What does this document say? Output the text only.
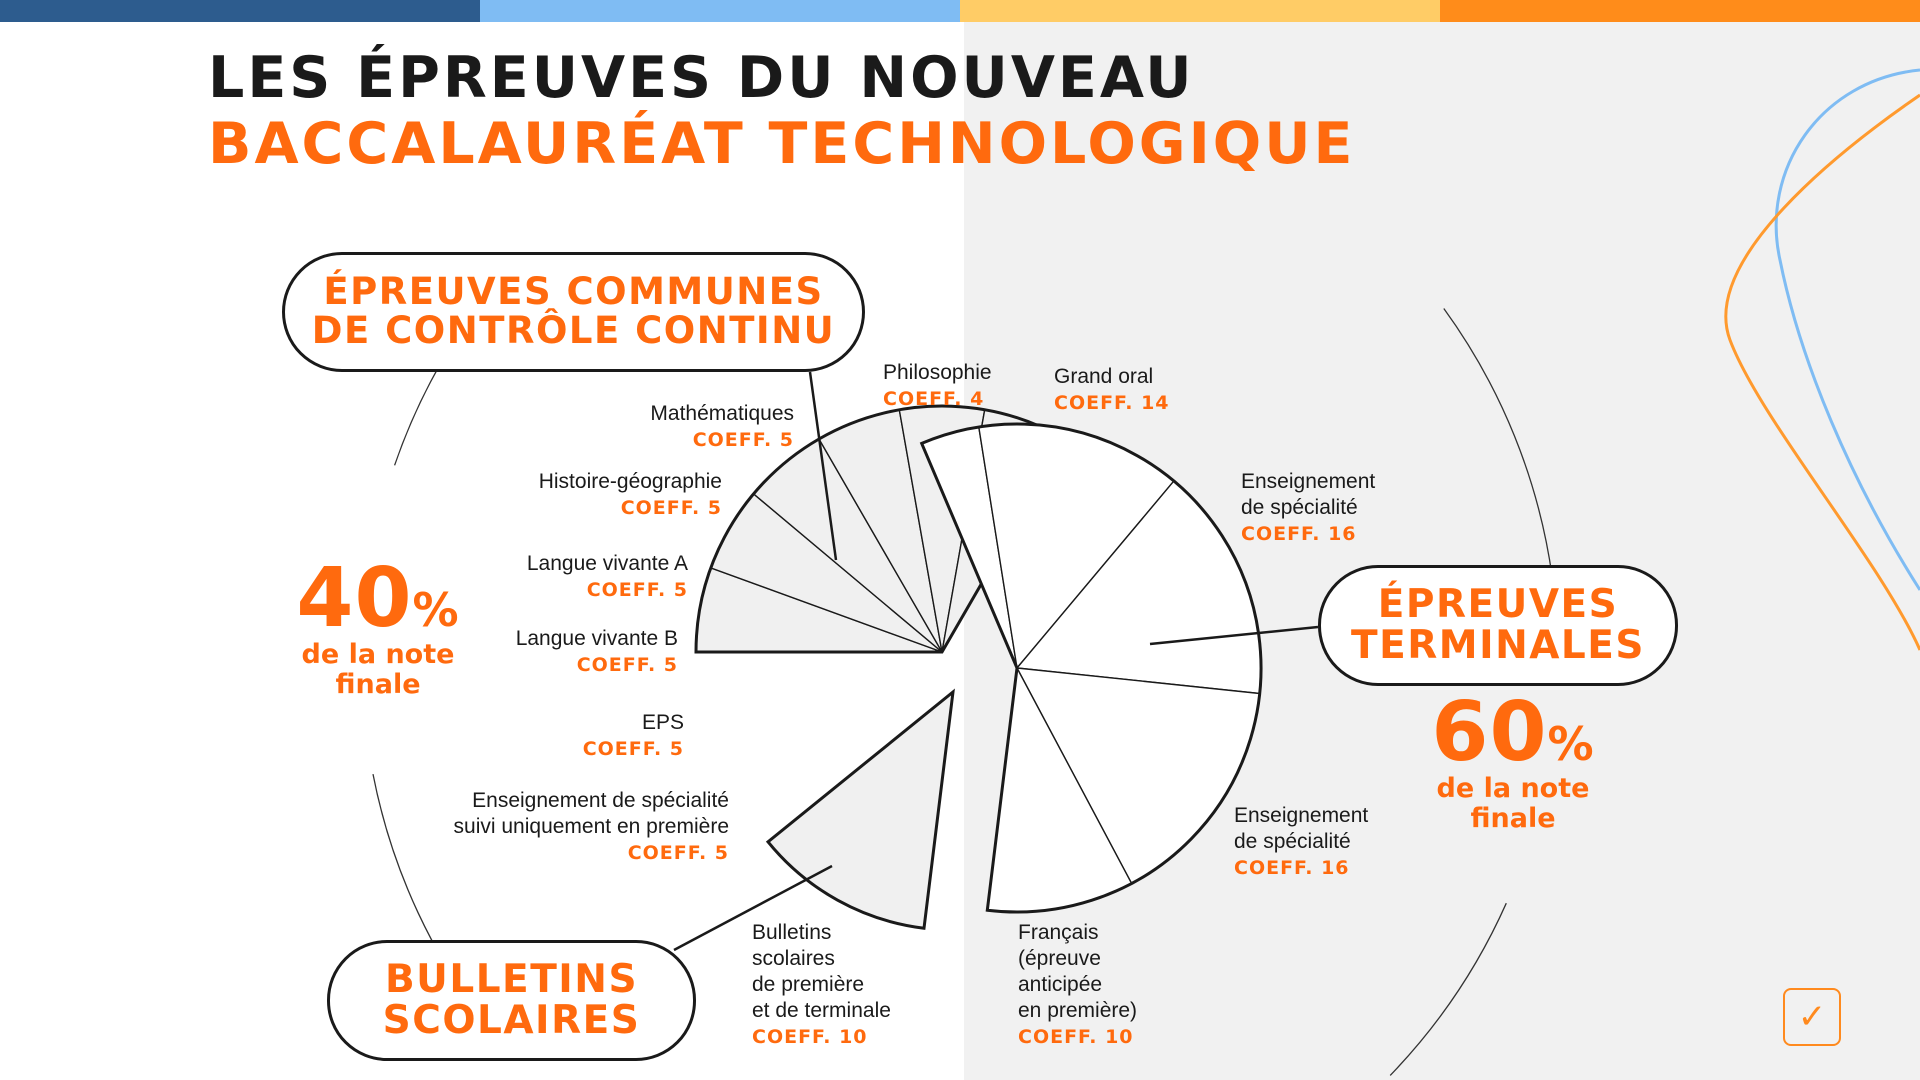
LES ÉPREUVES DU NOUVEAU
BACCALAURÉAT TECHNOLOGIQUE
ÉPREUVES COMMUNES
DE CONTRÔLE CONTINU
BULLETINS
SCOLAIRES
ÉPREUVES
TERMINALES
40%
de la note
finale
60%
de la note
finale
Mathématiques
COEFF. 5
Histoire-géographie
COEFF. 5
Langue vivante A
COEFF. 5
Langue vivante B
COEFF. 5
EPS
COEFF. 5
Enseignement de spécialité
suivi uniquement en première
COEFF. 5
Bulletins
scolaires
de première
et de terminale
COEFF. 10
Philosophie
COEFF. 4
Grand oral
COEFF. 14
Enseignement
de spécialité
COEFF. 16
Enseignement
de spécialité
COEFF. 16
Français
(épreuve
anticipée
en première)
COEFF. 10	✓
